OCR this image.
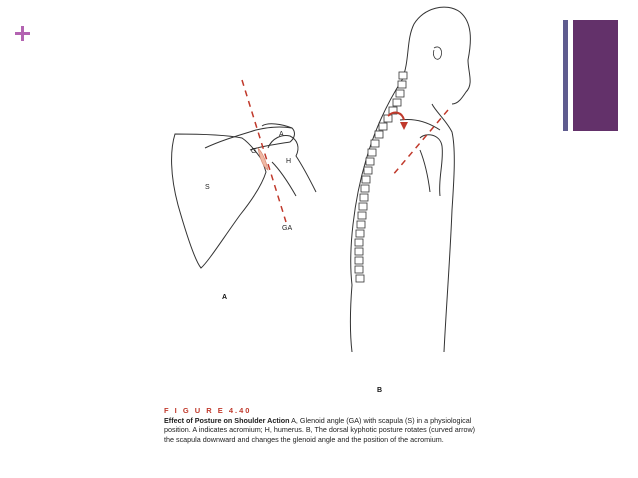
A
G
H
S
GA
A
B
F I G U R E 4.40
Effect of Posture on Shoulder Action A, Glenoid angle (GA) with scapula (S) in a physiological position. A indicates acromium; H, humerus. B, The dorsal kyphotic posture rotates (curved arrow) the scapula downward and changes the glenoid angle and the position of the acromium.
